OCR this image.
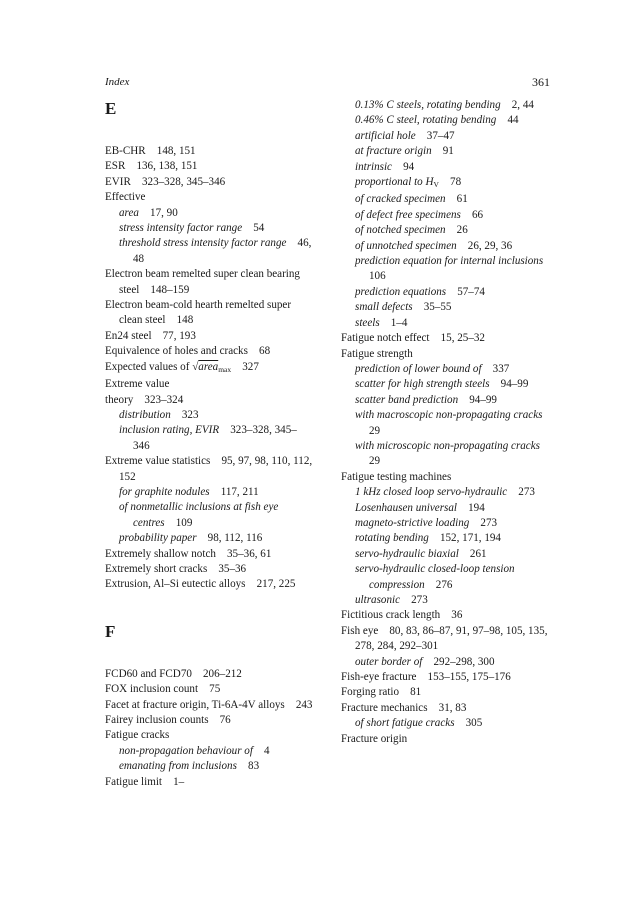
Index	361
E

EB-CHR 148, 151

ESR 136, 138, 151

EVIR 323–328, 345–346

Effective

area 17, 90

stress intensity factor range 54

threshold stress intensity factor range 46, 48

Electron beam remelted super clean bearing steel 148–159

Electron beam-cold hearth remelted super clean steel 148

En24 steel 77, 193

Equivalence of holes and cracks 68

Expected values of √area$_{max}$ 327

Extreme value

theory 323–324

distribution 323

inclusion rating, EVIR 323–328, 345–346

Extreme value statistics 95, 97, 98, 110, 112, 152

for graphite nodules 117, 211

of nonmetallic inclusions at fish eye centres 109

probability paper 98, 112, 116

Extremely shallow notch 35–36, 61

Extremely short cracks 35–36

Extrusion, Al–Si eutectic alloys 217, 225

F

FCD60 and FCD70 206–212

FOX inclusion count 75

Facet at fracture origin, Ti-6A-4V alloys 243

Fairey inclusion counts 76

Fatigue cracks

non-propagation behaviour of 4

emanating from inclusions 83

Fatigue limit 1–

0.13% C steels, rotating bending 2, 44

0.46% C steel, rotating bending 44

artificial hole 37–47

at fracture origin 91

intrinsic 94

proportional to $H_V$ 78

of cracked specimen 61

of defect free specimens 66

of notched specimen 26

of unnotched specimen 26, 29, 36

prediction equation for internal inclusions 106

prediction equations 57–74

small defects 35–55

steels 1–4

Fatigue notch effect 15, 25–32

Fatigue strength

prediction of lower bound of 337

scatter for high strength steels 94–99

scatter band prediction 94–99

with macroscopic non-propagating cracks 29

with microscopic non-propagating cracks 29

Fatigue testing machines

1 kHz closed loop servo-hydraulic 273

Losenhausen universal 194

magneto-strictive loading 273

rotating bending 152, 171, 194

servo-hydraulic biaxial 261

servo-hydraulic closed-loop tension compression 276

ultrasonic 273

Fictitious crack length 36

Fish eye 80, 83, 86–87, 91, 97–98, 105, 135, 278, 284, 292–301

outer border of 292–298, 300

Fish-eye fracture 153–155, 175–176

Forging ratio 81

Fracture mechanics 31, 83

of short fatigue cracks 305

Fracture origin
